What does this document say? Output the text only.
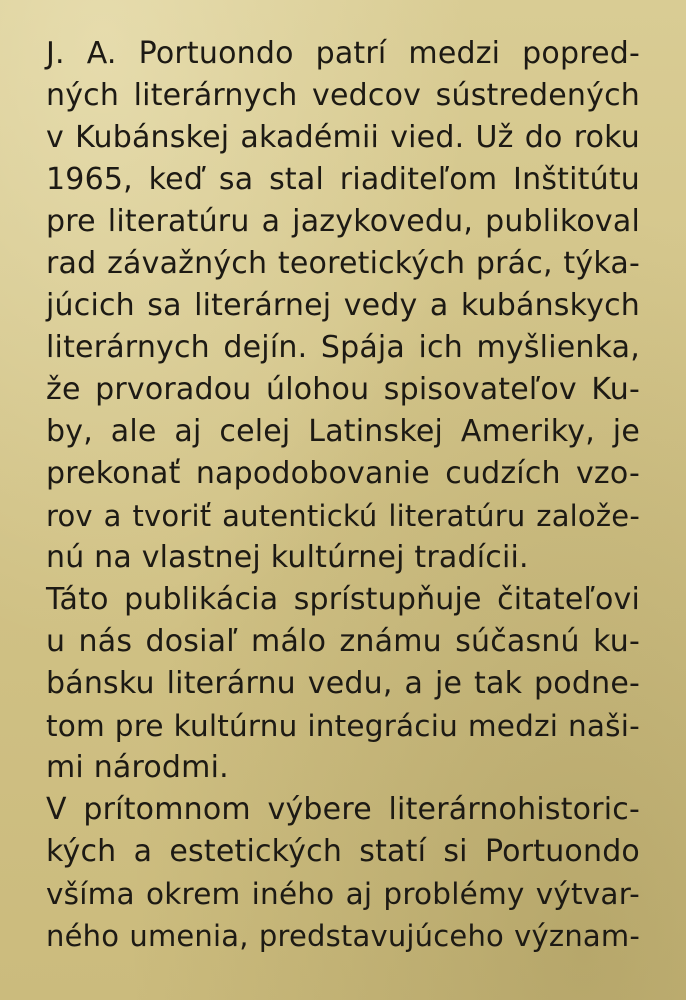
J. A. Portuondo patrí medzi popred-
ných literárnych vedcov sústredených
v Kubánskej akadémii vied. Už do roku
1965, keď sa stal riaditeľom Inštitútu
pre literatúru a jazykovedu, publikoval
rad závažných teoretických prác, týka-
júcich sa literárnej vedy a kubánskych
literárnych dejín. Spája ich myšlienka,
že prvoradou úlohou spisovateľov Ku-
by, ale aj celej Latinskej Ameriky, je
prekonať napodobovanie cudzích vzo-
rov a tvoriť autentickú literatúru založe-
nú na vlastnej kultúrnej tradícii.
Táto publikácia sprístupňuje čitateľovi
u nás dosiaľ málo známu súčasnú ku-
bánsku literárnu vedu, a je tak podne-
tom pre kultúrnu integráciu medzi naši-
mi národmi.
V prítomnom výbere literárnohistoric-
kých a estetických statí si Portuondo
všíma okrem iného aj problémy výtvar-
ného umenia, predstavujúceho význam-
